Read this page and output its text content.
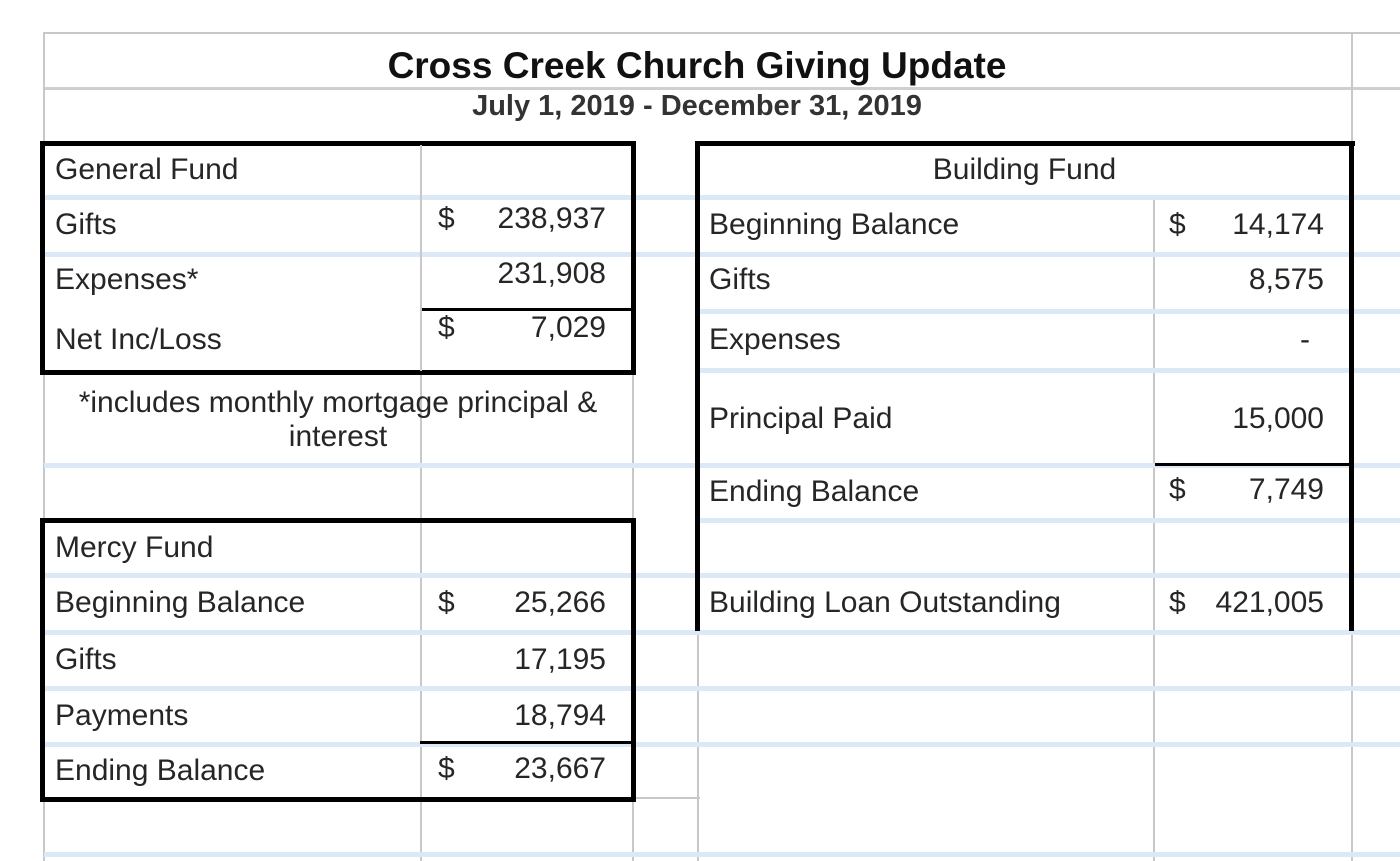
Cross Creek Church Giving Update
July 1, 2019 - December 31, 2019
General Fund
Gifts	$	238,937
Expenses*	231,908
Net Inc/Loss	$	7,029
*includes monthly mortgage principal &
interest
Mercy Fund
Beginning Balance	$	25,266
Gifts	17,195
Payments	18,794
Ending Balance	$	23,667
Building Fund
Beginning Balance	$	14,174
Gifts	8,575
Expenses	-
Principal Paid	15,000
Ending Balance	$	7,749
Building Loan Outstanding	$ 421,005
